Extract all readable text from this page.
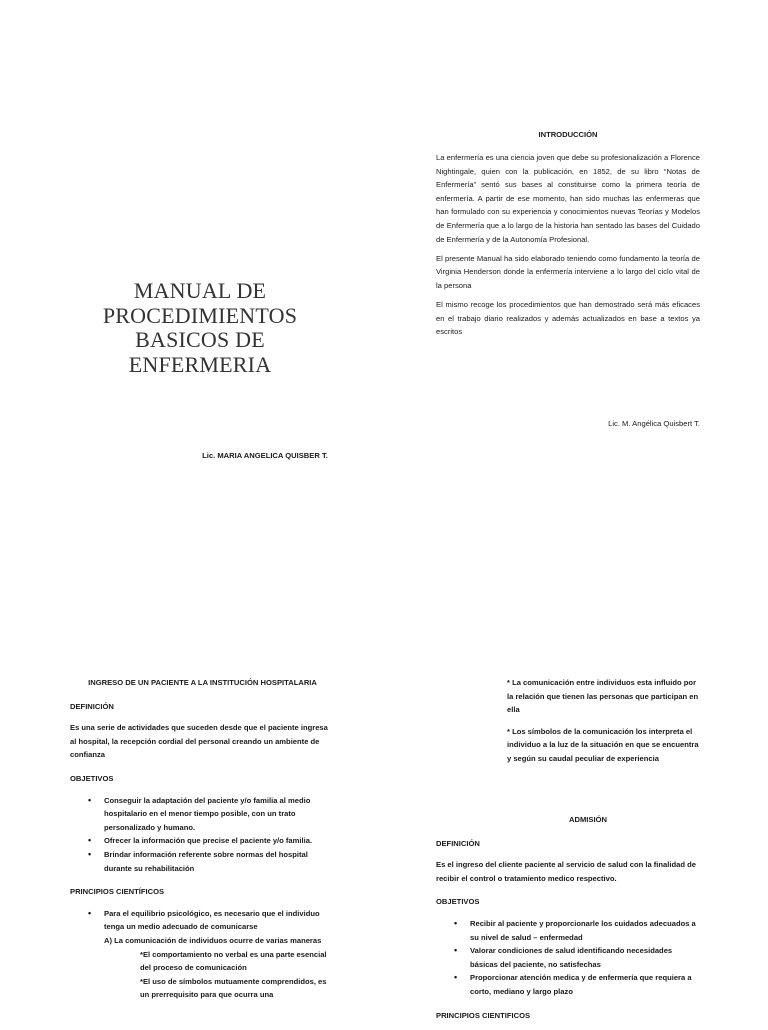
MANUAL DE
PROCEDIMIENTOS
BASICOS DE
ENFERMERIA
Lic. MARIA ANGELICA QUISBER T.
INTRODUCCIÓN

La enfermería es una ciencia joven que debe su profesionalización a Florence Nightingale, quien con la publicación, en 1852, de su libro “Notas de Enfermería” sentó sus bases al constituirse como la primera teoría de enfermería. A partir de ese momento, han sido muchas las enfermeras que han formulado con su experiencia y conocimientos nuevas Teorías y Modelos de Enfermería que a lo largo de la historia han sentado las bases del Cuidado de Enfermería y de la Autonomía Profesional.

El presente Manual ha sido elaborado teniendo como fundamento la teoría de Virginia Henderson donde la enfermería interviene a lo largo del ciclo vital de la persona

El mismo recoge los procedimientos que han demostrado será más eficaces en el trabajo diario realizados y además actualizados en base a textos ya escritos

Lic. M. Angélica Quisbert T.
INGRESO DE UN PACIENTE A LA INSTITUCIÓN HOSPITALARIA
DEFINICIÓN
Es una serie de actividades que suceden desde que el paciente ingresa al hospital, la recepción cordial del personal creando un ambiente de confianza
OBJETIVOS
• Conseguir la adaptación del paciente y/o familia al medio hospitalario en el menor tiempo posible, con un trato personalizado y humano.
• Ofrecer la información que precise el paciente y/o familia.
• Brindar información referente sobre normas del hospital durante su rehabilitación
PRINCIPIOS CIENTÍFICOS
• Para el equilibrio psicológico, es necesario que el individuo tenga un medio adecuado de comunicarse
A) La comunicación de individuos ocurre de varias maneras
*El comportamiento no verbal es una parte esencial del proceso de comunicación
*El uso de símbolos mutuamente comprendidos, es un prerrequisito para que ocurra una

* La comunicación entre individuos esta influido por la relación que tienen las personas que participan en ella

* Los símbolos de la comunicación los interpreta el individuo a la luz de la situación en que se encuentra y según su caudal peculiar de experiencia

ADMISIÓN
DEFINICIÓN
Es el ingreso del cliente paciente al servicio de salud con la finalidad de recibir el control o tratamiento medico respectivo.
OBJETIVOS
• Recibir al paciente y proporcionarle los cuidados adecuados a su nivel de salud – enfermedad
• Valorar condiciones de salud identificando necesidades básicas del paciente, no satisfechas
• Proporcionar atención medica y de enfermería que requiera a corto, mediano y largo plazo
PRINCIPIOS CIENTIFICOS
